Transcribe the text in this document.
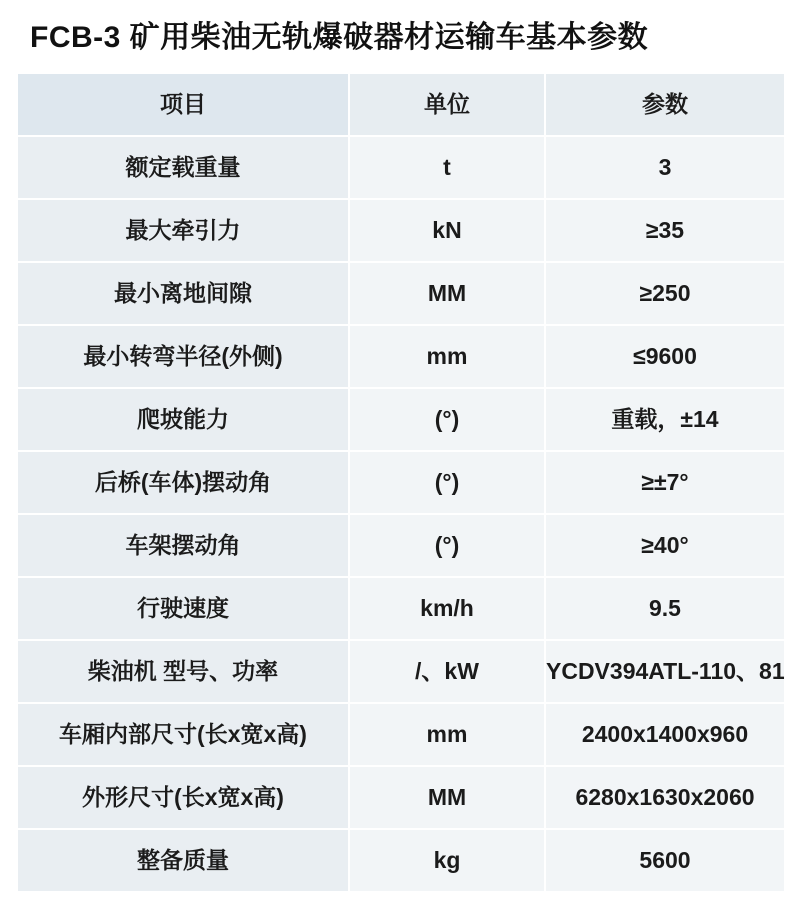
FCB-3 矿用柴油无轨爆破器材运输车基本参数
项目	单位	参数
额定载重量	t	3
最大牵引力	kN	≥35
最小离地间隙	MM	≥250
最小转弯半径(外侧)	mm	≤9600
爬坡能力	(°)	重载，±14
后桥(车体)摆动角	(°)	≥±7°
车架摆动角	(°)	≥40°
行驶速度	km/h	9.5
柴油机 型号、功率	/、kW	YCDV394ATL-110、81
车厢内部尺寸(长x宽x高)	mm	2400x1400x960
外形尺寸(长x宽x高)	MM	6280x1630x2060
整备质量	kg	5600
